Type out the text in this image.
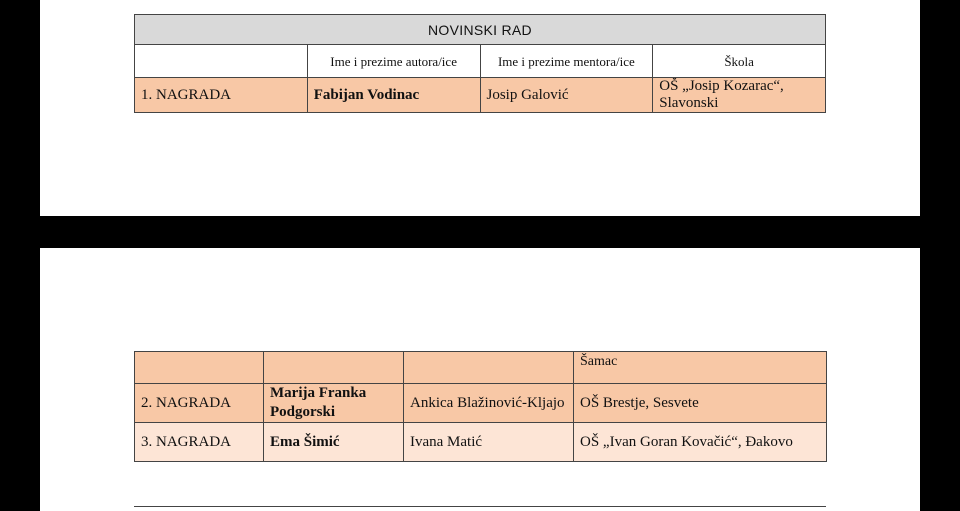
NOVINSKI RAD			
	Ime i prezime autora/ice	Ime i prezime mentora/ice	Škola
1. NAGRADA	Fabijan Vodinac	Josip Galović	OŠ „Josip Kozarac“, Slavonski
			Šamac
2. NAGRADA	Marija Franka Podgorski	Ankica Blažinović-Kljajo	OŠ Brestje, Sesvete
3. NAGRADA	Ema Šimić	Ivana Matić	OŠ „Ivan Goran Kovačić“, Đakovo
